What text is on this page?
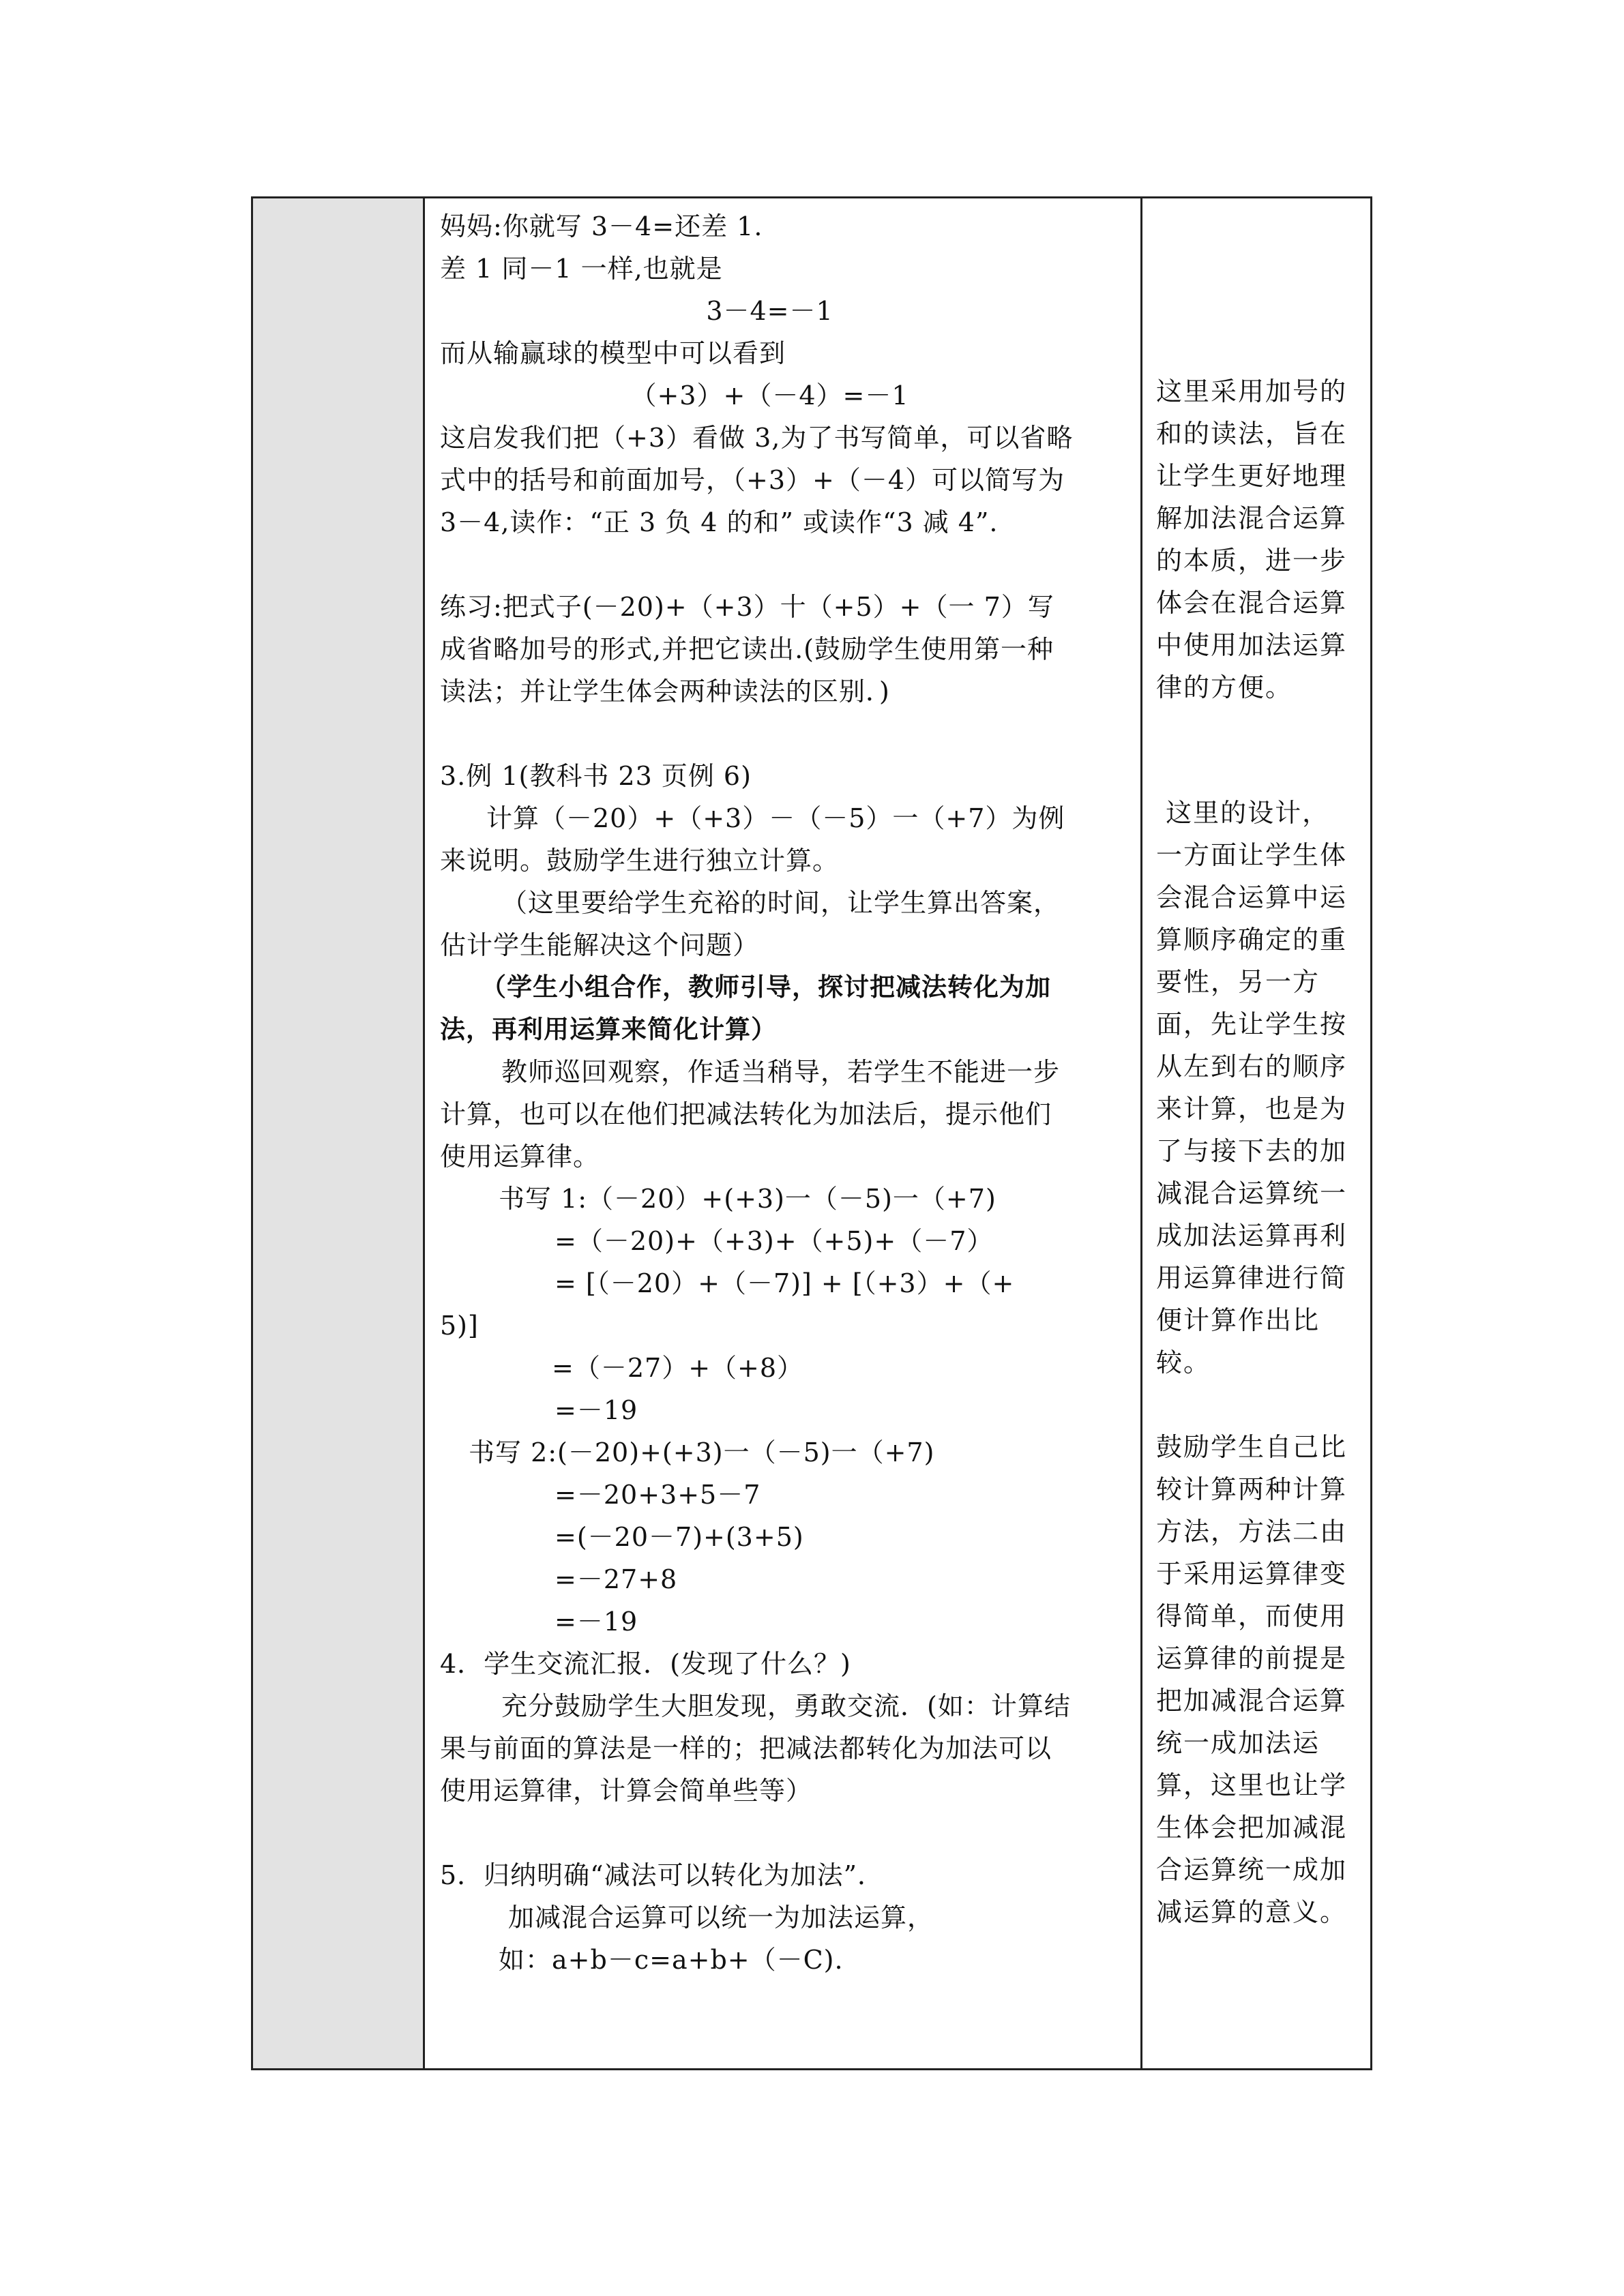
妈妈:你就写 3－4=还差 1.
差 1 同－1 一样,也就是
3－4=－1
而从输赢球的模型中可以看到
（+3）+（－4）=－1
这启发我们把（+3）看做 3,为了书写简单，可以省略
式中的括号和前面加号，（+3）+（－4）可以简写为
3－4,读作：“正 3 负 4 的和” 或读作“3 减 4”.
练习:把式子(－20)+（+3）十（+5）+（一 7）写
成省略加号的形式,并把它读出.(鼓励学生使用第一种
读法；并让学生体会两种读法的区别．)
3.例 1(教科书 23 页例 6)
计算（－20）+（+3）－（－5）一（+7）为例
来说明。鼓励学生进行独立计算。
（这里要给学生充裕的时间，让学生算出答案，
估计学生能解决这个问题）
（学生小组合作，教师引导，探讨把减法转化为加
法，再利用运算来简化计算）
教师巡回观察，作适当稍导，若学生不能进一步
计算，也可以在他们把减法转化为加法后，提示他们
使用运算律。
书写 1:（－20）+(+3)一（－5)一（+7)
=（－20)+（+3)+（+5)+（－7）
= [（－20）+（－7)] + [（+3）+（+
5)]
=（－27）+（+8）
=－19
书写 2:(－20)+(+3)一（－5)一（+7)
=－20+3+5－7
=(－20－7)+(3+5)
=－27+8
=－19
4．学生交流汇报．(发现了什么？)
充分鼓励学生大胆发现，勇敢交流．(如：计算结
果与前面的算法是一样的；把减法都转化为加法可以
使用运算律，计算会简单些等）
5．归纳明确“减法可以转化为加法”．
加减混合运算可以统一为加法运算，
如：a+b－c=a+b+（－C).
这里采用加号的
和的读法，旨在
让学生更好地理
解加法混合运算
的本质，进一步
体会在混合运算
中使用加法运算
律的方便。
这里的设计，
一方面让学生体
会混合运算中运
算顺序确定的重
要性，另一方
面，先让学生按
从左到右的顺序
来计算，也是为
了与接下去的加
减混合运算统一
成加法运算再利
用运算律进行简
便计算作出比
较。
鼓励学生自己比
较计算两种计算
方法，方法二由
于采用运算律变
得简单，而使用
运算律的前提是
把加减混合运算
统一成加法运
算，这里也让学
生体会把加减混
合运算统一成加
减运算的意义。
